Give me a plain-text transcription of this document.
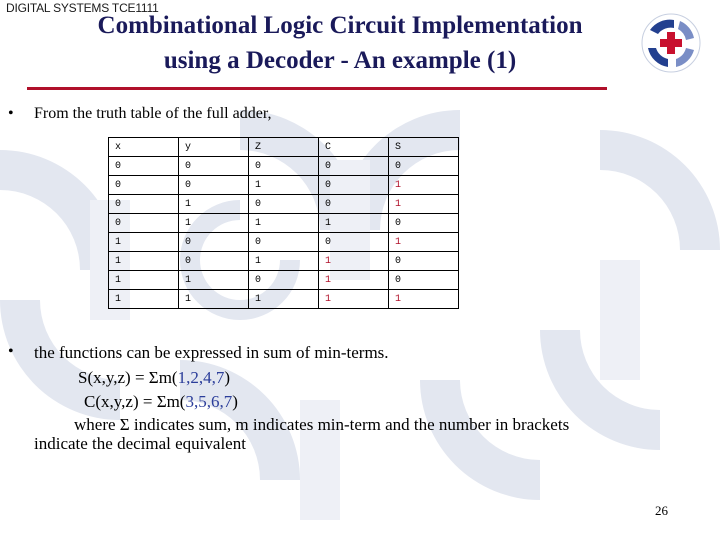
DIGITAL SYSTEMS TCE1111
Combinational Logic Circuit Implementation
using a Decoder - An example (1)
• From the truth table of the full adder,
x	y	Z	C	S
0	0	0	0	0
0	0	1	0	1
0	1	0	0	1
0	1	1	1	0
1	0	0	0	1
1	0	1	1	0
1	1	0	1	0
1	1	1	1	1
• the functions can be expressed in sum of min-terms.
S(x,y,z) = Σm(1,2,4,7)
C(x,y,z) = Σm(3,5,6,7)
where Σ indicates sum, m indicates min-term and the number in brackets
indicate the decimal equivalent
26
